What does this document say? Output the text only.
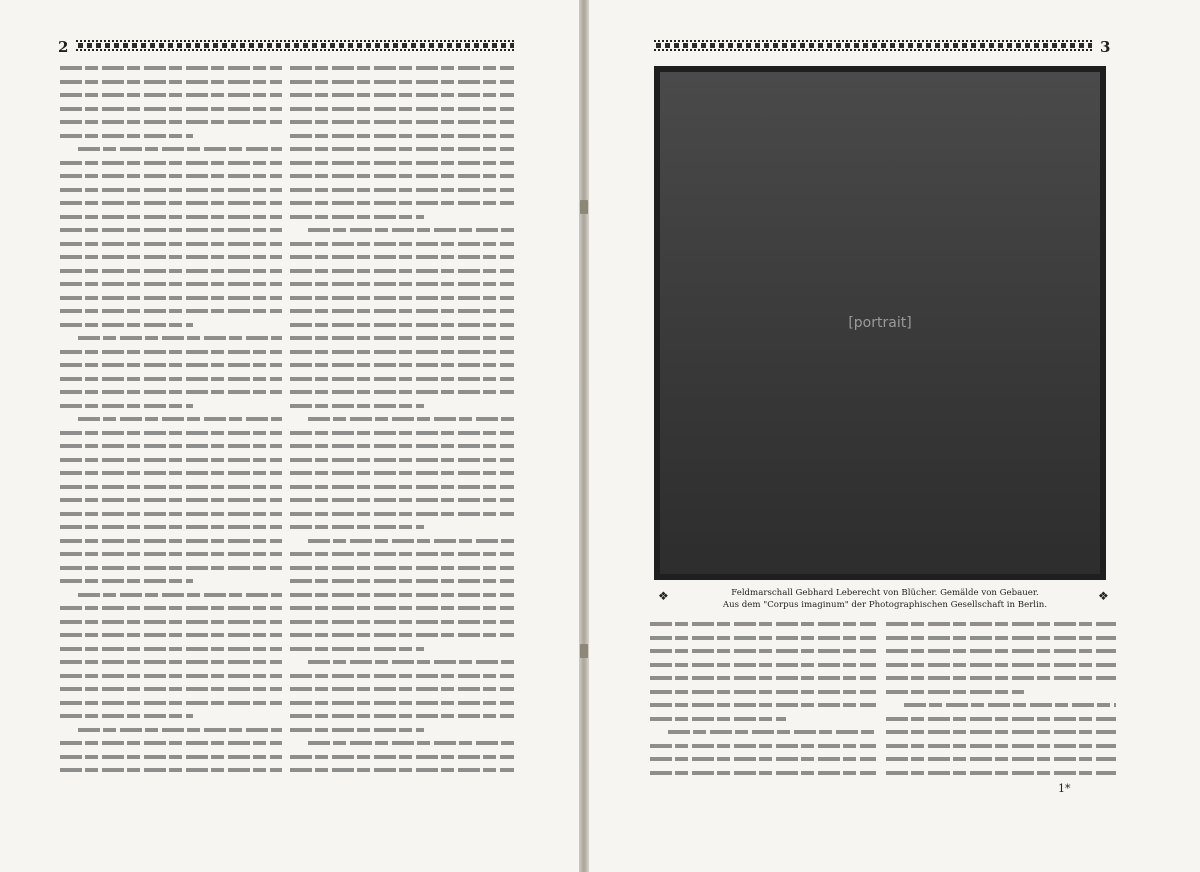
2	3
[portrait]
❖	Feldmarschall Gebhard Leberecht von Blücher. Gemälde von Gebauer.
Aus dem "Corpus imaginum" der Photographischen Gesellschaft in Berlin.
❖
1*
